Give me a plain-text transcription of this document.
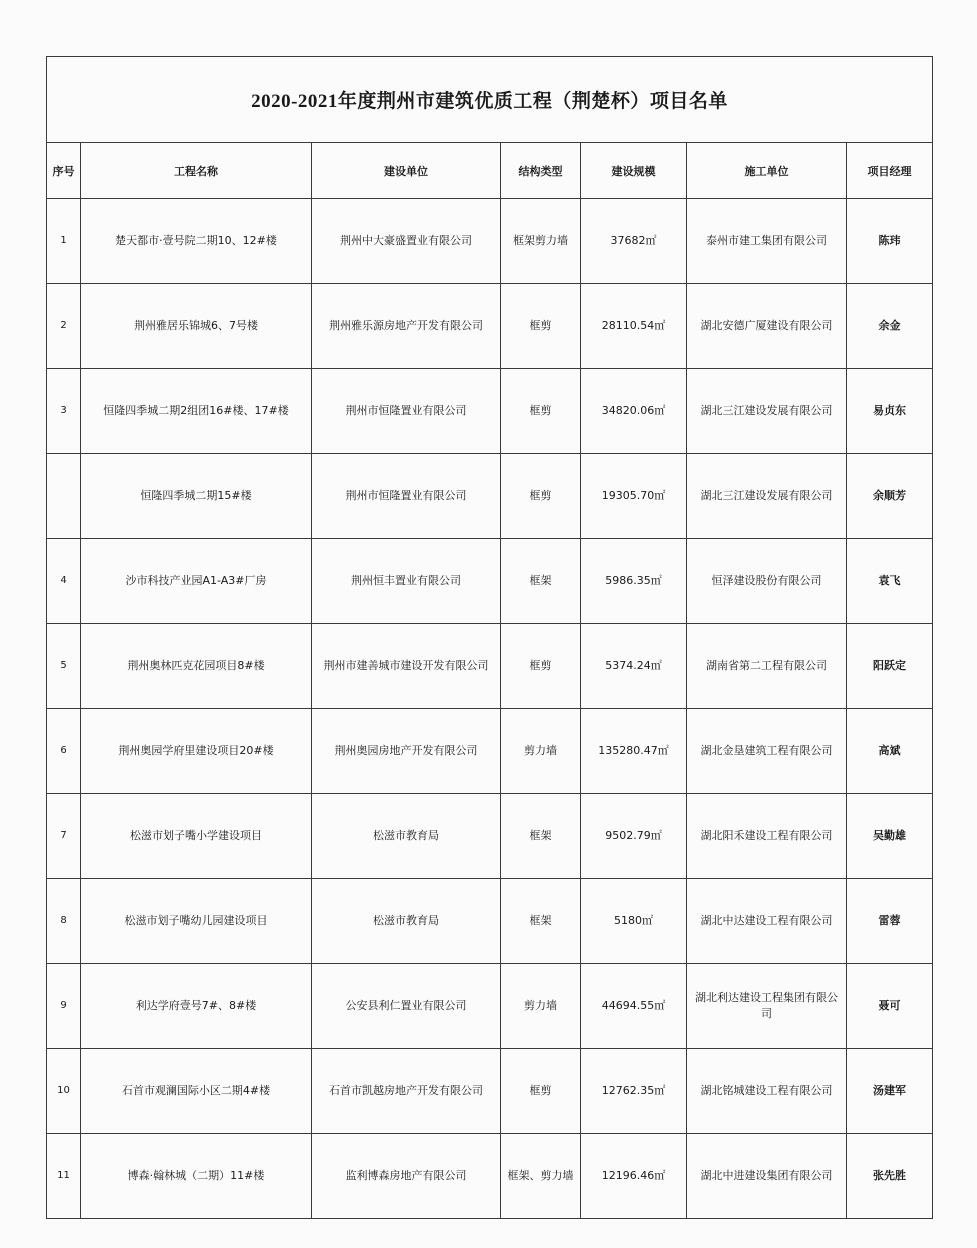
2020-2021年度荆州市建筑优质工程（荆楚杯）项目名单						
序号	工程名称	建设单位	结构类型	建设规模	施工单位	项目经理
1	楚天都市·壹号院二期10、12#楼	荆州中大豪盛置业有限公司	框架剪力墙	37682㎡	泰州市建工集团有限公司	陈玮
2	荆州雅居乐锦城6、7号楼	荆州雅乐源房地产开发有限公司	框剪	28110.54㎡	湖北安德广厦建设有限公司	余金
3	恒隆四季城二期2组团16#楼、17#楼	荆州市恒隆置业有限公司	框剪	34820.06㎡	湖北三江建设发展有限公司	易贞东
	恒隆四季城二期15#楼	荆州市恒隆置业有限公司	框剪	19305.70㎡	湖北三江建设发展有限公司	余顺芳
4	沙市科技产业园A1-A3#厂房	荆州恒丰置业有限公司	框架	5986.35㎡	恒泽建设股份有限公司	袁飞
5	荆州奥林匹克花园项目8#楼	荆州市建善城市建设开发有限公司	框剪	5374.24㎡	湖南省第二工程有限公司	阳跃定
6	荆州奥园学府里建设项目20#楼	荆州奥园房地产开发有限公司	剪力墙	135280.47㎡	湖北金垦建筑工程有限公司	高斌
7	松滋市划子嘴小学建设项目	松滋市教育局	框架	9502.79㎡	湖北阳禾建设工程有限公司	吴勤雄
8	松滋市划子嘴幼儿园建设项目	松滋市教育局	框架	5180㎡	湖北中达建设工程有限公司	雷蓉
9	利达学府壹号7#、8#楼	公安县利仁置业有限公司	剪力墙	44694.55㎡	湖北利达建设工程集团有限公司	聂可
10	石首市观澜国际小区二期4#楼	石首市凯越房地产开发有限公司	框剪	12762.35㎡	湖北铭城建设工程有限公司	汤建军
11	博森·翰林城（二期）11#楼	监利博森房地产有限公司	框架、剪力墙	12196.46㎡	湖北中进建设集团有限公司	张先胜
